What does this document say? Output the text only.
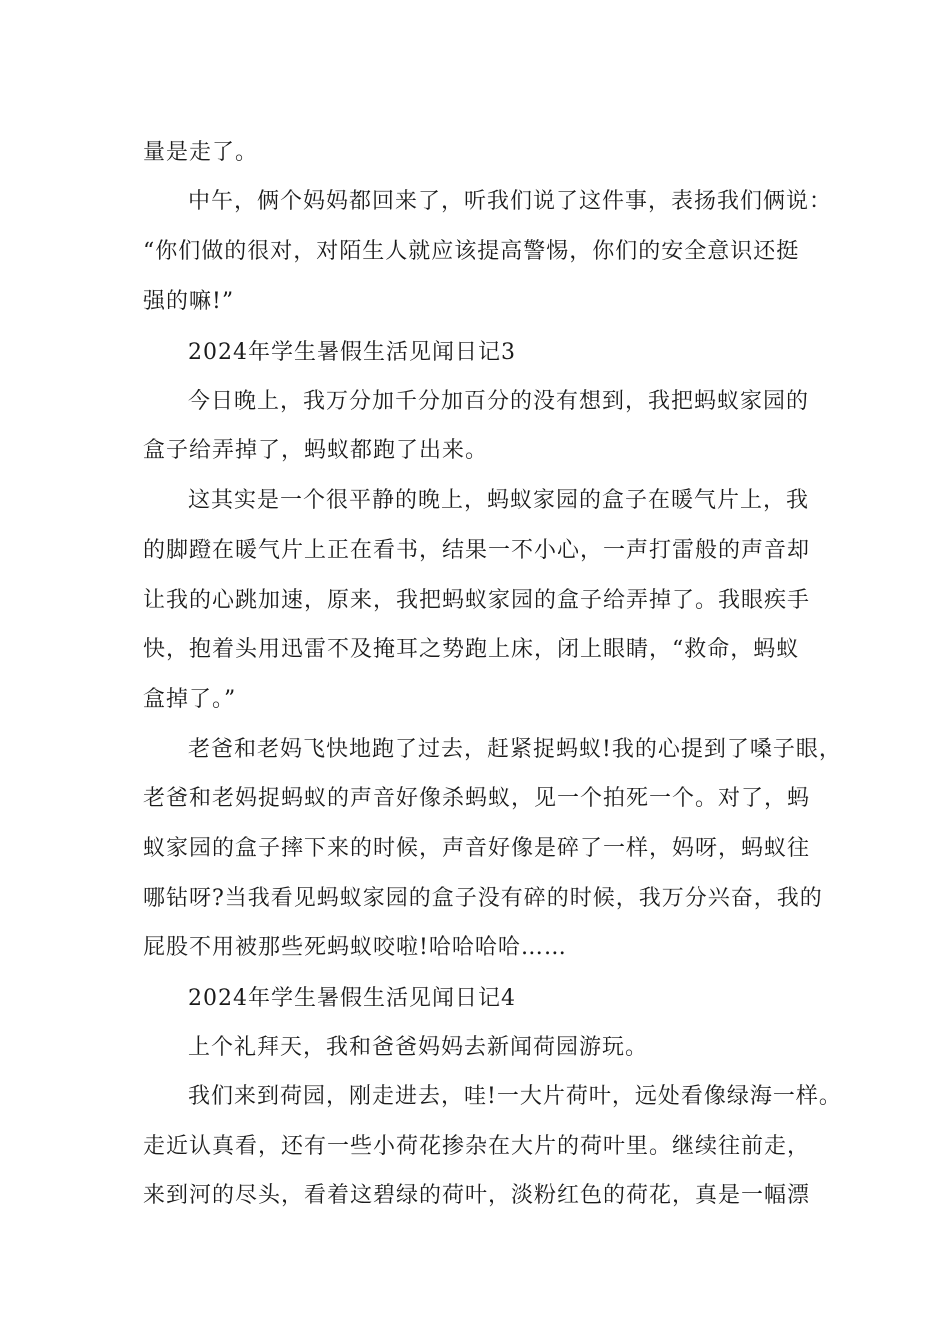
量是走了。
中午，俩个妈妈都回来了，听我们说了这件事，表扬我们俩说：
“你们做的很对，对陌生人就应该提高警惕，你们的安全意识还挺
强的嘛!”
2024年学生暑假生活见闻日记3
今日晚上，我万分加千分加百分的没有想到，我把蚂蚁家园的
盒子给弄掉了，蚂蚁都跑了出来。
这其实是一个很平静的晚上，蚂蚁家园的盒子在暖气片上，我
的脚蹬在暖气片上正在看书，结果一不小心，一声打雷般的声音却
让我的心跳加速，原来，我把蚂蚁家园的盒子给弄掉了。我眼疾手
快，抱着头用迅雷不及掩耳之势跑上床，闭上眼睛，“救命，蚂蚁
盒掉了。”
老爸和老妈飞快地跑了过去，赶紧捉蚂蚁!我的心提到了嗓子眼，
老爸和老妈捉蚂蚁的声音好像杀蚂蚁，见一个拍死一个。对了，蚂
蚁家园的盒子摔下来的时候，声音好像是碎了一样，妈呀，蚂蚁往
哪钻呀?当我看见蚂蚁家园的盒子没有碎的时候，我万分兴奋，我的
屁股不用被那些死蚂蚁咬啦!哈哈哈哈……
2024年学生暑假生活见闻日记4
上个礼拜天，我和爸爸妈妈去新闻荷园游玩。
我们来到荷园，刚走进去，哇!一大片荷叶，远处看像绿海一样。
走近认真看，还有一些小荷花掺杂在大片的荷叶里。继续往前走，
来到河的尽头，看着这碧绿的荷叶，淡粉红色的荷花，真是一幅漂
